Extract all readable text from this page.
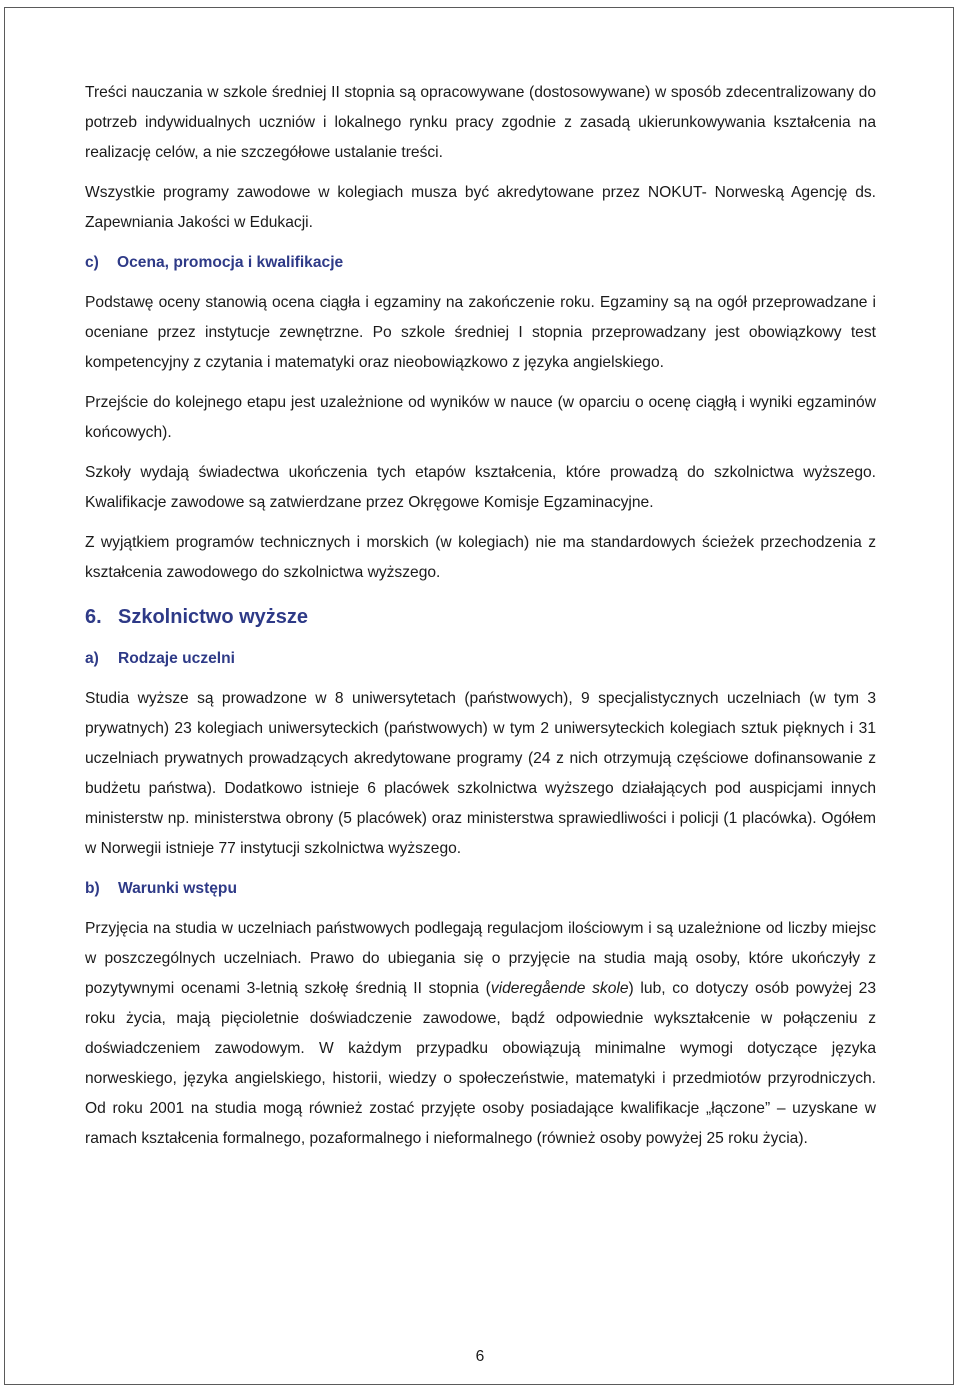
Treści nauczania w szkole średniej II stopnia są opracowywane (dostosowywane) w sposób zdecentralizowany do potrzeb indywidualnych uczniów i lokalnego rynku pracy zgodnie z zasadą ukierunkowywania kształcenia na realizację celów, a nie szczegółowe ustalanie treści.

Wszystkie programy zawodowe w kolegiach musza być akredytowane przez NOKUT- Norweską Agencję ds. Zapewniania Jakości w Edukacji.

c) Ocena, promocja i kwalifikacje

Podstawę oceny stanowią ocena ciągła i egzaminy na zakończenie roku. Egzaminy są na ogół przeprowadzane i oceniane przez instytucje zewnętrzne. Po szkole średniej I stopnia przeprowadzany jest obowiązkowy test kompetencyjny z czytania i matematyki oraz nieobowiązkowo z języka angielskiego.

Przejście do kolejnego etapu jest uzależnione od wyników w nauce (w oparciu o ocenę ciągłą i wyniki egzaminów końcowych).

Szkoły wydają świadectwa ukończenia tych etapów kształcenia, które prowadzą do szkolnictwa wyższego. Kwalifikacje zawodowe są zatwierdzane przez Okręgowe Komisje Egzaminacyjne.

Z wyjątkiem programów technicznych i morskich (w kolegiach) nie ma standardowych ścieżek przechodzenia z kształcenia zawodowego do szkolnictwa wyższego.

6. Szkolnictwo wyższe

a) Rodzaje uczelni

Studia wyższe są prowadzone w 8 uniwersytetach (państwowych), 9 specjalistycznych uczelniach (w tym 3 prywatnych) 23 kolegiach uniwersyteckich (państwowych) w tym 2 uniwersyteckich kolegiach sztuk pięknych i 31 uczelniach prywatnych prowadzących akredytowane programy (24 z nich otrzymują częściowe dofinansowanie z budżetu państwa). Dodatkowo istnieje 6 placówek szkolnictwa wyższego działających pod auspicjami innych ministerstw np. ministerstwa obrony (5 placówek) oraz ministerstwa sprawiedliwości i policji (1 placówka). Ogółem w Norwegii istnieje 77 instytucji szkolnictwa wyższego.

b) Warunki wstępu

Przyjęcia na studia w uczelniach państwowych podlegają regulacjom ilościowym i są uzależnione od liczby miejsc w poszczególnych uczelniach. Prawo do ubiegania się o przyjęcie na studia mają osoby, które ukończyły z pozytywnymi ocenami 3-letnią szkołę średnią II stopnia (videregående skole) lub, co dotyczy osób powyżej 23 roku życia, mają pięcioletnie doświadczenie zawodowe, bądź odpowiednie wykształcenie w połączeniu z doświadczeniem zawodowym. W każdym przypadku obowiązują minimalne wymogi dotyczące języka norweskiego, języka angielskiego, historii, wiedzy o społeczeństwie, matematyki i przedmiotów przyrodniczych. Od roku 2001 na studia mogą również zostać przyjęte osoby posiadające kwalifikacje „łączone” – uzyskane w ramach kształcenia formalnego, pozaformalnego i nieformalnego (również osoby powyżej 25 roku życia).

6
